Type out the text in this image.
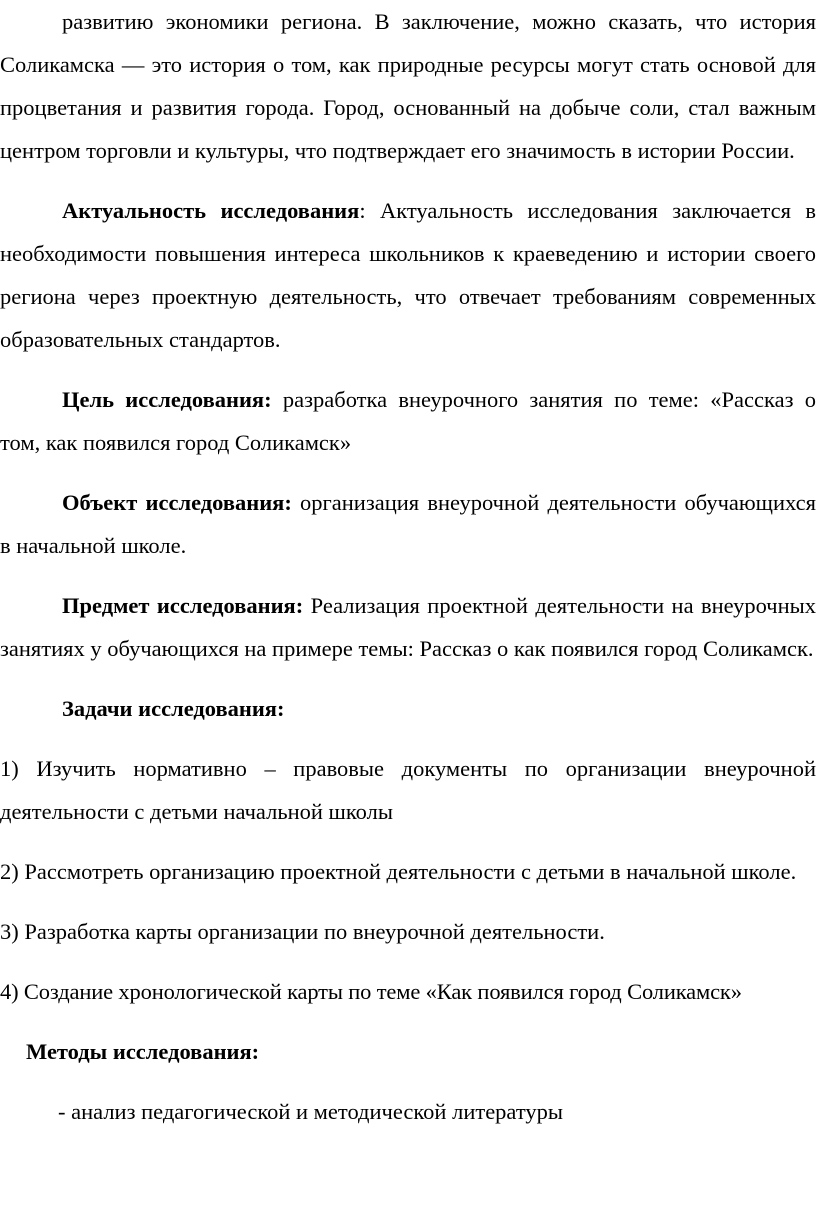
развитию экономики региона. В заключение, можно сказать, что история Соликамска — это история о том, как природные ресурсы могут стать основой для процветания и развития города. Город, основанный на добыче соли, стал важным центром торговли и культуры, что подтверждает его значимость в истории России.

Актуальность исследования: Актуальность исследования заключается в необходимости повышения интереса школьников к краеведению и истории своего региона через проектную деятельность, что отвечает требованиям современных образовательных стандартов.

Цель исследования: разработка внеурочного занятия по теме: «Рассказ о том, как появился город Соликамск»

Объект исследования: организация внеурочной деятельности обучающихся в начальной школе.

Предмет исследования: Реализация проектной деятельности на внеурочных занятиях у обучающихся на примере темы: Рассказ о как появился город Соликамск.

Задачи исследования:

1) Изучить нормативно – правовые документы по организации внеурочной деятельности с детьми начальной школы

2) Рассмотреть организацию проектной деятельности с детьми в начальной школе.

3) Разработка карты организации по внеурочной деятельности.

4) Создание хронологической карты по теме «Как появился город Соликамск»

Методы исследования:

- анализ педагогической и методической литературы
